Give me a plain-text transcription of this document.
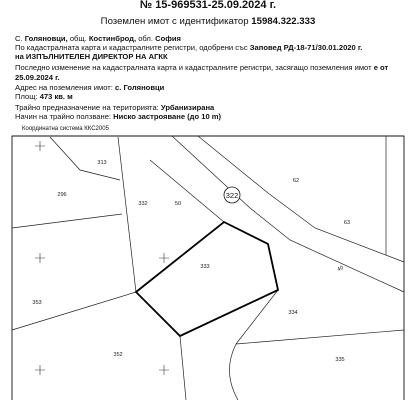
№ 15-969531-25.09.2024 г.
Поземлен имот с идентификатор 15984.322.333
С. Голяновци, общ. Костинброд, обл. София
По кадастралната карта и кадастралните регистри, одобрени със Заповед РД-18-71/30.01.2020 г.
на ИЗПЪЛНИТЕЛЕН ДИРЕКТОР НА АГКК
Последно изменение на кадастралната карта и кадастралните регистри, засягащо поземления имот е от
25.09.2024 г.
Адрес на поземления имот: с. Голяновци
Площ: 473 кв. м
Трайно предназначение на територията: Урбанизирана
Начин на трайно ползване: Ниско застрояване (до 10 m)
Координатна система ККС2005
313
296
332	50
322
62
63
333	40
353
334
352
335
